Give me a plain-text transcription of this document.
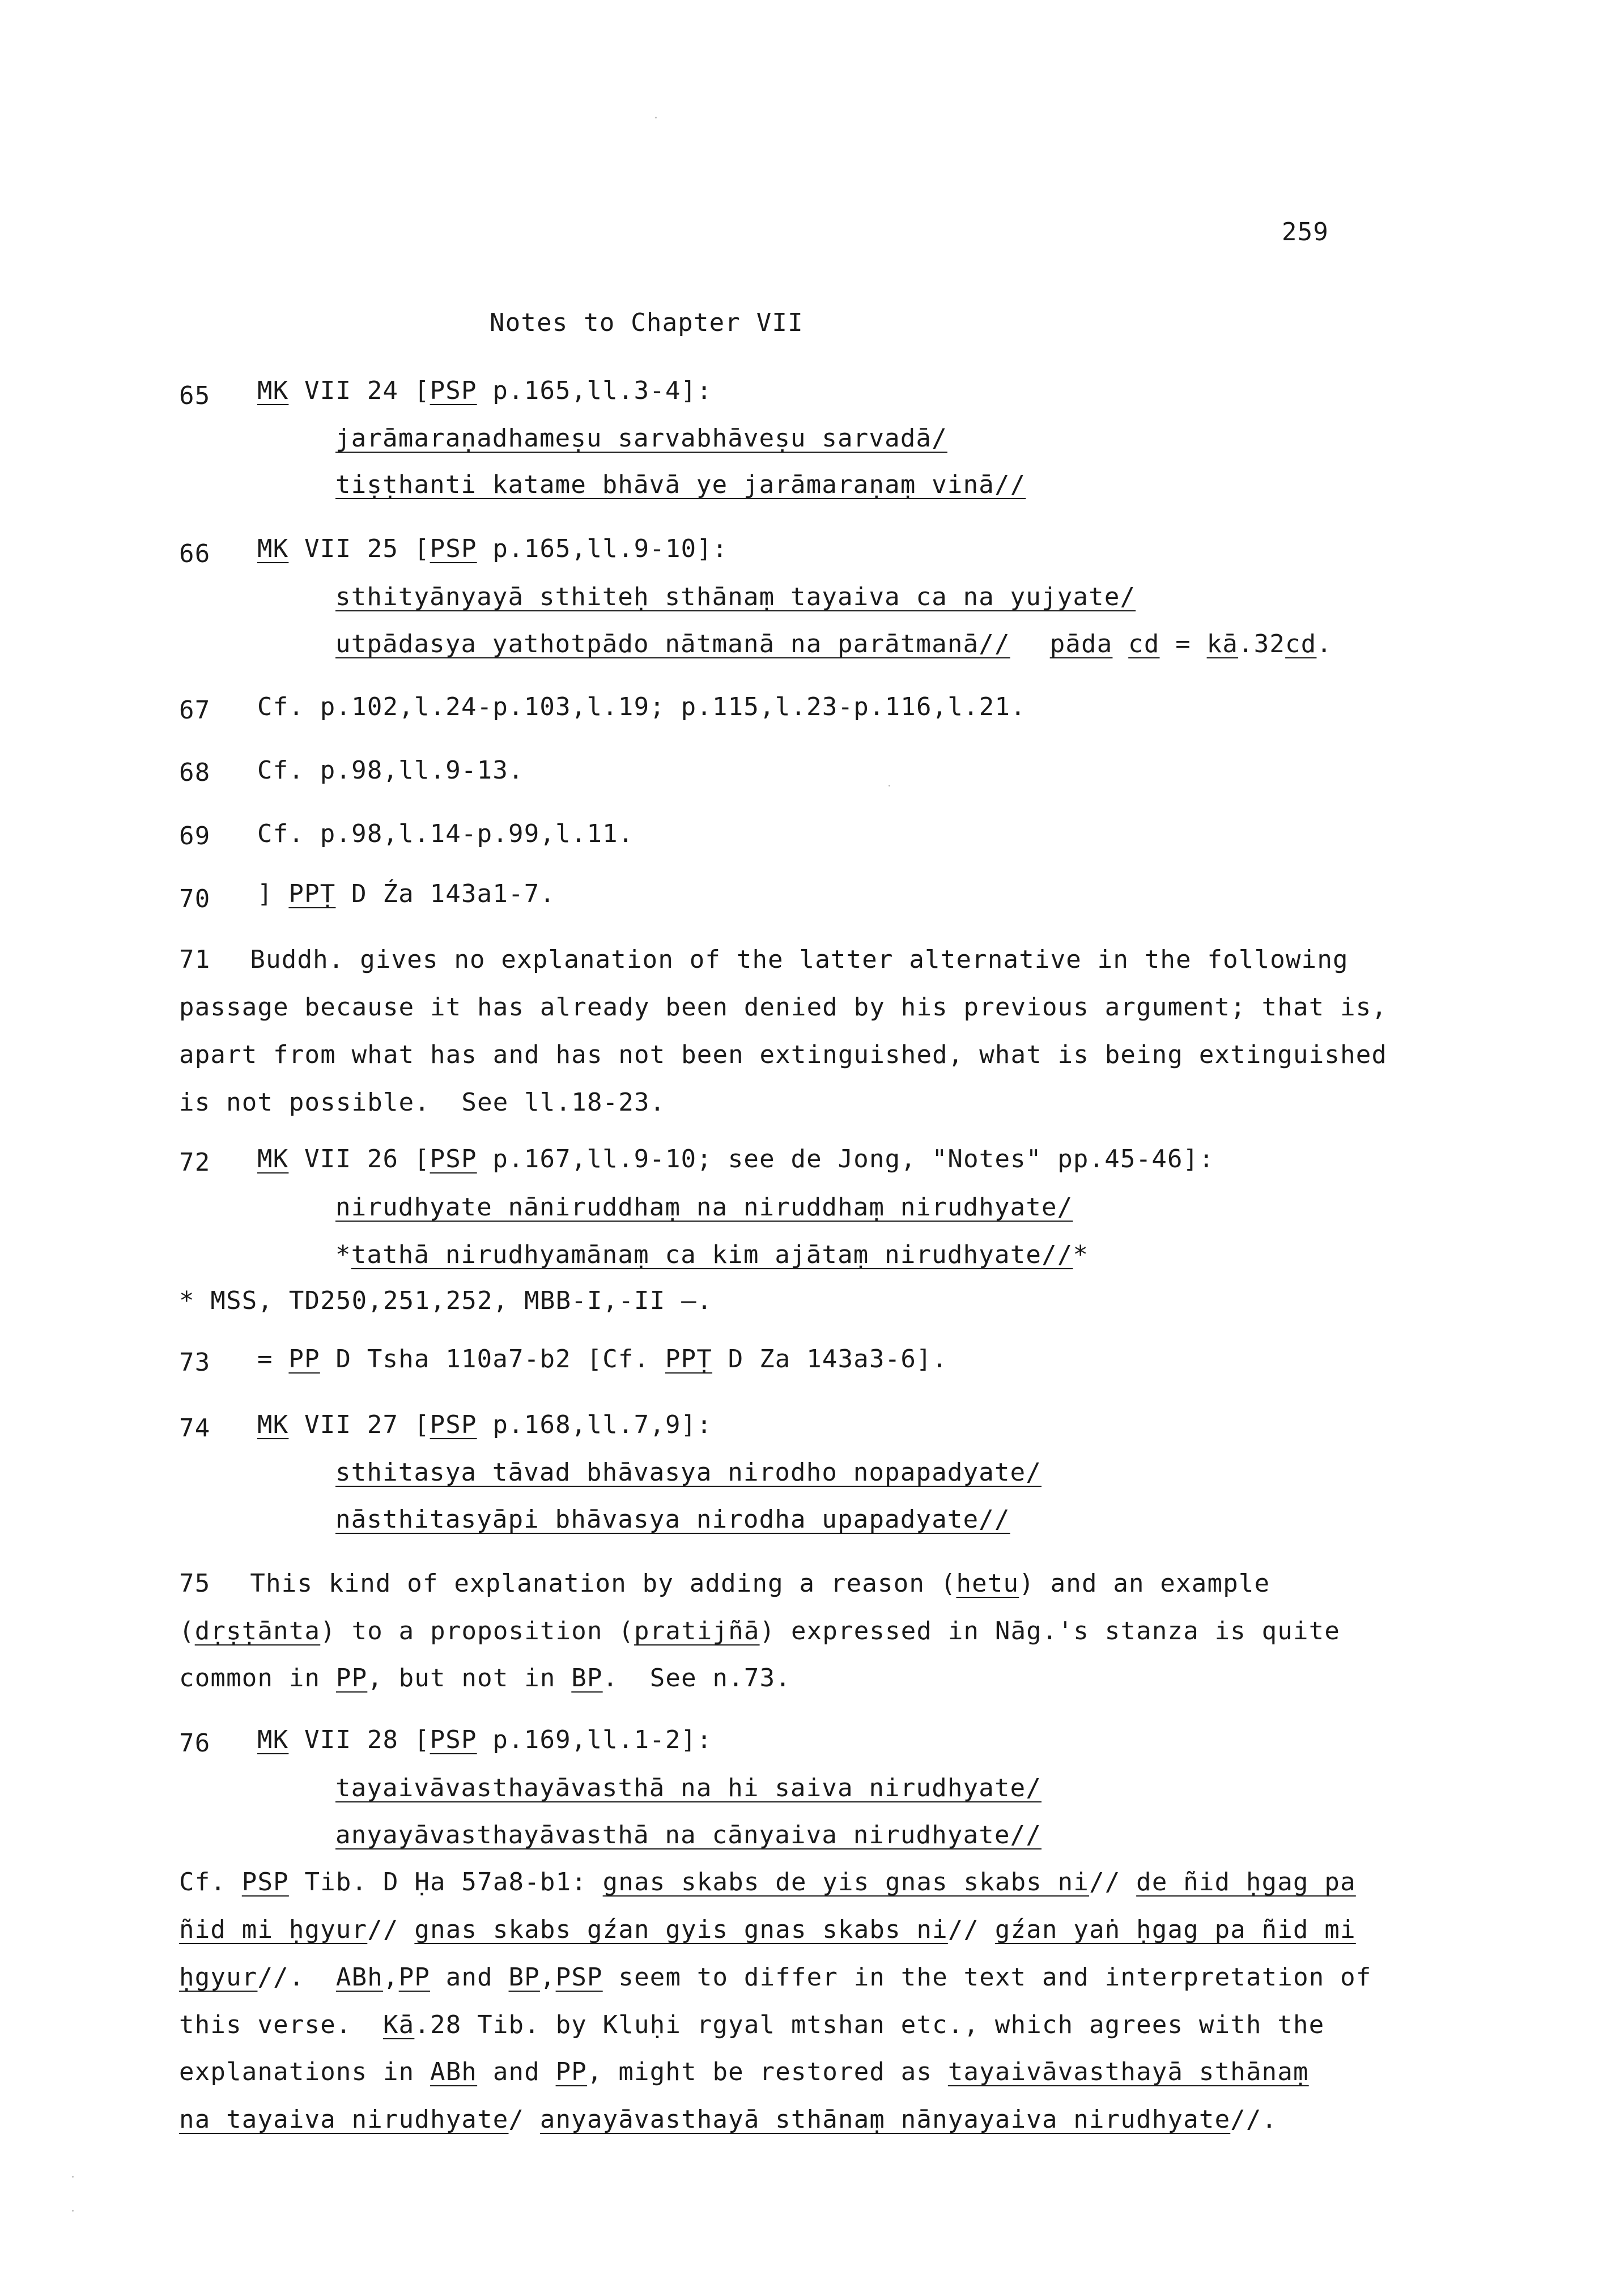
259
Notes to Chapter VII
65 MK VII 24 [PSP p.165,ll.3-4]:
jarāmaraṇadhameṣu sarvabhāveṣu sarvadā/
tiṣṭhanti katame bhāvā ye jarāmaraṇaṃ vinā//
66 MK VII 25 [PSP p.165,ll.9-10]:
sthityānyayā sthiteḥ sthānaṃ tayaiva ca na yujyate/
utpādasya yathotpādo nātmanā na parātmanā// pāda cd = kā.32cd.
67 Cf. p.102,l.24-p.103,l.19; p.115,l.23-p.116,l.21.
68 Cf. p.98,ll.9-13.
69 Cf. p.98,l.14-p.99,l.11.
70 ] PPṬ D Źa 143a1-7.
71 Buddh. gives no explanation of the latter alternative in the following
passage because it has already been denied by his previous argument; that is,
apart from what has and has not been extinguished, what is being extinguished
is not possible.  See ll.18-23.
72 MK VII 26 [PSP p.167,ll.9-10; see de Jong, "Notes" pp.45-46]:
nirudhyate nāniruddhaṃ na niruddhaṃ nirudhyate/
*tathā nirudhyamānaṃ ca kim ajātaṃ nirudhyate//*
* MSS, TD250,251,252, MBB-I,-II —.
73 = PP D Tsha 110a7-b2 [Cf. PPṬ D Za 143a3-6].
74 MK VII 27 [PSP p.168,ll.7,9]:
sthitasya tāvad bhāvasya nirodho nopapadyate/
nāsthitasyāpi bhāvasya nirodha upapadyate//
75 This kind of explanation by adding a reason (hetu) and an example
(dṛṣṭānta) to a proposition (pratijñā) expressed in Nāg.'s stanza is quite
common in PP, but not in BP.  See n.73.
76 MK VII 28 [PSP p.169,ll.1-2]:
tayaivāvasthayāvasthā na hi saiva nirudhyate/
anyayāvasthayāvasthā na cānyaiva nirudhyate//
Cf. PSP Tib. D Ḥa 57a8-b1: gnas skabs de yis gnas skabs ni// de ñid ḥgag pa
ñid mi ḥgyur// gnas skabs gźan gyis gnas skabs ni// gźan yaṅ ḥgag pa ñid mi
ḥgyur//.  ABh,PP and BP,PSP seem to differ in the text and interpretation of
this verse.  Kā.28 Tib. by Kluḥi rgyal mtshan etc., which agrees with the
explanations in ABh and PP, might be restored as tayaivāvasthayā sthānaṃ
na tayaiva nirudhyate/ anyayāvasthayā sthānaṃ nānyayaiva nirudhyate//.
